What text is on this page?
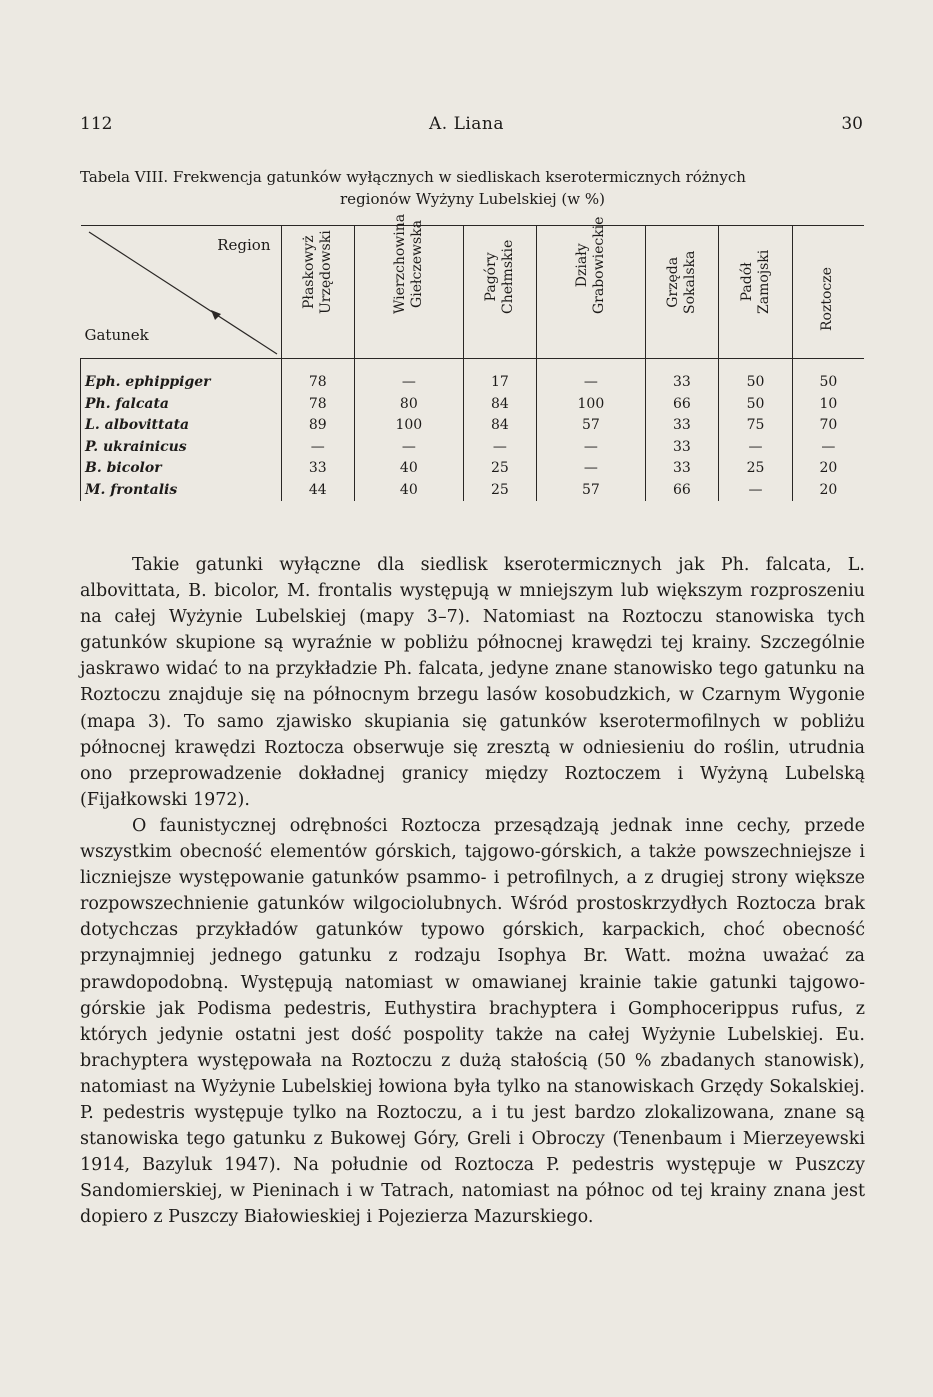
112	A. Liana	30
Tabela VIII. Frekwencja gatunków wyłącznych w siedliskach kserotermicznych różnych
regionów Wyżyny Lubelskiej (w %)
Region
Gatunek	Płaskowyż Urzędowski	Wierzchowina Giełczewska	Pagóry Chełmskie	Działy Grabowieckie	Grzęda Sokalska	Padół Zamojski	Roztocze

Eph. ephippiger	78	—	17	—	33	50	50
Ph. falcata	78	80	84	100	66	50	10
L. albovittata	89	100	84	57	33	75	70
P. ukrainicus	—	—	—	—	33	—	—
B. bicolor	33	40	25	—	33	25	20
M. frontalis	44	40	25	57	66	—	20

Takie gatunki wyłączne dla siedlisk kserotermicznych jak Ph. falcata, L. albovittata, B. bicolor, M. frontalis występują w mniejszym lub większym rozproszeniu na całej Wyżynie Lubelskiej (mapy 3–7). Natomiast na Roztoczu stanowiska tych gatunków skupione są wyraźnie w pobliżu północnej krawędzi tej krainy. Szczególnie jaskrawo widać to na przykładzie Ph. falcata, jedyne znane stanowisko tego gatunku na Roztoczu znajduje się na północnym brzegu lasów kosobudzkich, w Czarnym Wygonie (mapa 3). To samo zjawisko skupiania się gatunków kserotermofilnych w pobliżu północnej krawędzi Roztocza obserwuje się zresztą w odniesieniu do roślin, utrudnia ono przeprowadzenie dokładnej granicy między Roztoczem i Wyżyną Lubelską (Fijałkowski 1972).

O faunistycznej odrębności Roztocza przesądzają jednak inne cechy, przede wszystkim obecność elementów górskich, tajgowo-górskich, a także powszechniejsze i liczniejsze występowanie gatunków psammo- i petrofilnych, a z drugiej strony większe rozpowszechnienie gatunków wilgociolubnych. Wśród prostoskrzydłych Roztocza brak dotychczas przykładów gatunków typowo górskich, karpackich, choć obecność przynajmniej jednego gatunku z rodzaju Isophya Br. Watt. można uważać za prawdopodobną. Występują natomiast w omawianej krainie takie gatunki tajgowo-górskie jak Podisma pedestris, Euthystira brachyptera i Gomphocerippus rufus, z których jedynie ostatni jest dość pospolity także na całej Wyżynie Lubelskiej. Eu. brachyptera występowała na Roztoczu z dużą stałością (50 % zbadanych stanowisk), natomiast na Wyżynie Lubelskiej łowiona była tylko na stanowiskach Grzędy Sokalskiej. P. pedestris występuje tylko na Roztoczu, a i tu jest bardzo zlokalizowana, znane są stanowiska tego gatunku z Bukowej Góry, Greli i Obroczy (Tenenbaum i Mierzeyewski 1914, Bazyluk 1947). Na południe od Roztocza P. pedestris występuje w Puszczy Sandomierskiej, w Pieninach i w Tatrach, natomiast na północ od tej krainy znana jest dopiero z Puszczy Białowieskiej i Pojezierza Mazurskiego.
